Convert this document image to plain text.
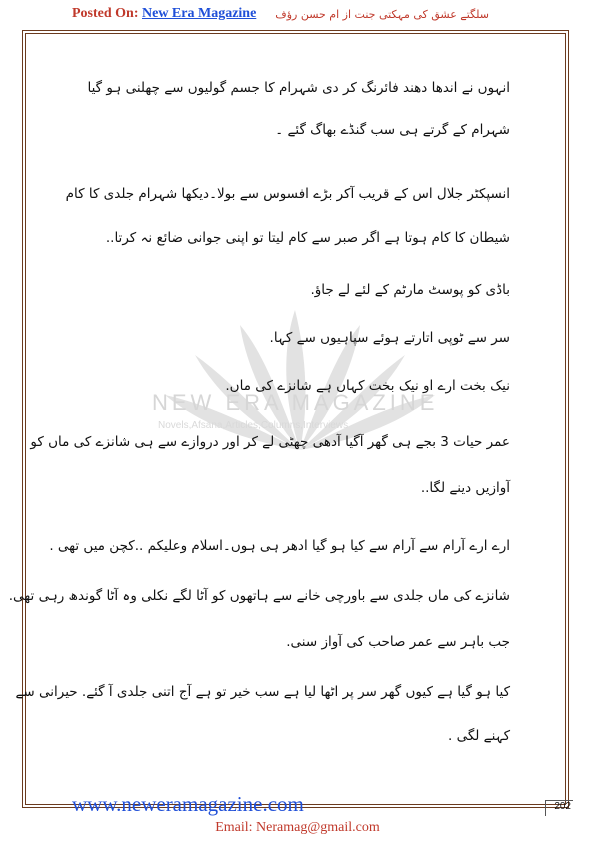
Posted On: New Era Magazine سلگتے عشق کی مہکتی جنت از ام حسن رؤف
NEW ERA MAGAZINE
Novels,Afsana,Articles,Columns,Interviews
انہوں نے اندھا دھند فائرنگ کر دی شہرام کا جسم گولیوں سے چھلنی ہو گیا
شہرام کے گرتے ہی سب گنڈے بھاگ گئے ۔
انسپکٹر جلال اس کے قریب آکر بڑے افسوس سے بولا۔دیکھا شہرام جلدی کا کام
شیطان کا کام ہوتا ہے اگر صبر سے کام لیتا تو اپنی جوانی ضائع نہ کرتا..
باڈی کو پوسٹ مارٹم کے لئے لے جاؤ.
سر سے ٹوپی اتارتے ہوئے سپاہیوں سے کہا.
نیک بخت ارے او نیک بخت کہاں ہے شانزے کی ماں.
عمر حیات 3 بجے ہی گھر آگیا آدھی چھٹی لے کر اور دروازے سے ہی شانزے کی ماں کو
آوازیں دینے لگا..
ارے ارے آرام سے آرام سے کیا ہو گیا ادھر ہی ہوں۔اسلام وعلیکم ..کچن میں تھی .
شانزے کی ماں جلدی سے باورچی خانے سے ہاتھوں کو آٹا لگے نکلی وہ آٹا گوندھ رہی تھی.
جب باہر سے عمر صاحب کی آواز سنی.
کیا ہو گیا ہے کیوں گھر سر پر اٹھا لیا ہے سب خیر تو ہے آج اتنی جلدی آ گئے. حیرانی سے
کہنے لگی .
www.neweramagazine.com	202
Email: Neramag@gmail.com
